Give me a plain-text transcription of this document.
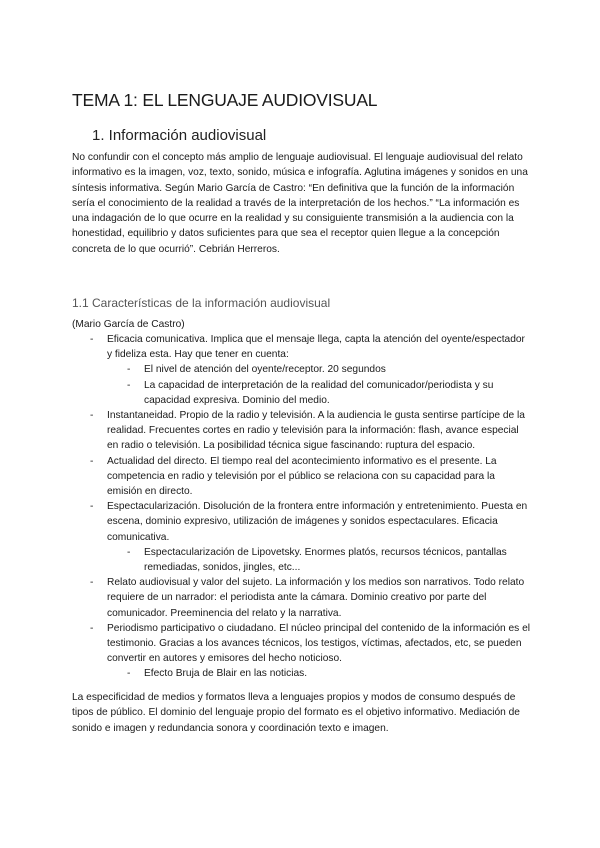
TEMA 1: EL LENGUAJE AUDIOVISUAL
1. Información audiovisual

No confundir con el concepto más amplio de lenguaje audiovisual. El lenguaje audiovisual del relato informativo es la imagen, voz, texto, sonido, música e infografía. Aglutina imágenes y sonidos en una síntesis informativa. Según Mario García de Castro: “En definitiva que la función de la información sería el conocimiento de la realidad a través de la interpretación de los hechos.” “La información es una indagación de lo que ocurre en la realidad y su consiguiente transmisión a la audiencia con la honestidad, equilibrio y datos suficientes para que sea el receptor quien llegue a la concepción concreta de lo que ocurrió”. Cebrián Herreros.

1.1 Características de la información audiovisual

(Mario García de Castro)

- Eficacia comunicativa. Implica que el mensaje llega, capta la atención del oyente/espectador y fideliza esta. Hay que tener en cuenta:
- El nivel de atención del oyente/receptor. 20 segundos
- La capacidad de interpretación de la realidad del comunicador/periodista y su capacidad expresiva. Dominio del medio.
- Instantaneidad. Propio de la radio y televisión. A la audiencia le gusta sentirse partícipe de la realidad. Frecuentes cortes en radio y televisión para la información: flash, avance especial en radio o televisión. La posibilidad técnica sigue fascinando: ruptura del espacio.
- Actualidad del directo. El tiempo real del acontecimiento informativo es el presente. La competencia en radio y televisión por el público se relaciona con su capacidad para la emisión en directo.
- Espectacularización. Disolución de la frontera entre información y entretenimiento. Puesta en escena, dominio expresivo, utilización de imágenes y sonidos espectaculares. Eficacia comunicativa.
- Espectacularización de Lipovetsky. Enormes platós, recursos técnicos, pantallas remediadas, sonidos, jingles, etc...
- Relato audiovisual y valor del sujeto. La información y los medios son narrativos. Todo relato requiere de un narrador: el periodista ante la cámara. Dominio creativo por parte del comunicador. Preeminencia del relato y la narrativa.
- Periodismo participativo o ciudadano. El núcleo principal del contenido de la información es el testimonio. Gracias a los avances técnicos, los testigos, víctimas, afectados, etc, se pueden convertir en autores y emisores del hecho noticioso.
- Efecto Bruja de Blair en las noticias.

La especificidad de medios y formatos lleva a lenguajes propios y modos de consumo después de tipos de público. El dominio del lenguaje propio del formato es el objetivo informativo. Mediación de sonido e imagen y redundancia sonora y coordinación texto e imagen.
